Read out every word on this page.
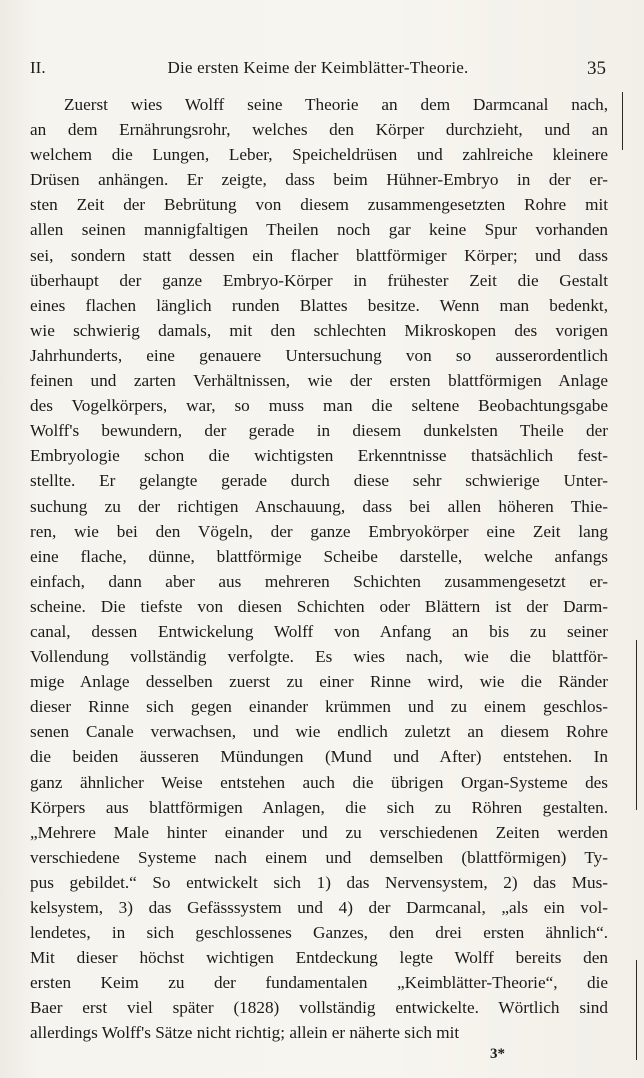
II.	Die ersten Keime der Keimblätter-Theorie.	35
Zuerst wies Wolff seine Theorie an dem Darmcanal nach,
an dem Ernährungsrohr, welches den Körper durchzieht, und an
welchem die Lungen, Leber, Speicheldrüsen und zahlreiche kleinere
Drüsen anhängen. Er zeigte, dass beim Hühner-Embryo in der er-
sten Zeit der Bebrütung von diesem zusammengesetzten Rohre mit
allen seinen mannigfaltigen Theilen noch gar keine Spur vorhanden
sei, sondern statt dessen ein flacher blattförmiger Körper; und dass
überhaupt der ganze Embryo-Körper in frühester Zeit die Gestalt
eines flachen länglich runden Blattes besitze. Wenn man bedenkt,
wie schwierig damals, mit den schlechten Mikroskopen des vorigen
Jahrhunderts, eine genauere Untersuchung von so ausserordentlich
feinen und zarten Verhältnissen, wie der ersten blattförmigen Anlage
des Vogelkörpers, war, so muss man die seltene Beobachtungsgabe
Wolff's bewundern, der gerade in diesem dunkelsten Theile der
Embryologie schon die wichtigsten Erkenntnisse thatsächlich fest-
stellte. Er gelangte gerade durch diese sehr schwierige Unter-
suchung zu der richtigen Anschauung, dass bei allen höheren Thie-
ren, wie bei den Vögeln, der ganze Embryokörper eine Zeit lang
eine flache, dünne, blattförmige Scheibe darstelle, welche anfangs
einfach, dann aber aus mehreren Schichten zusammengesetzt er-
scheine. Die tiefste von diesen Schichten oder Blättern ist der Darm-
canal, dessen Entwickelung Wolff von Anfang an bis zu seiner
Vollendung vollständig verfolgte. Es wies nach, wie die blattför-
mige Anlage desselben zuerst zu einer Rinne wird, wie die Ränder
dieser Rinne sich gegen einander krümmen und zu einem geschlos-
senen Canale verwachsen, und wie endlich zuletzt an diesem Rohre
die beiden äusseren Mündungen (Mund und After) entstehen. In
ganz ähnlicher Weise entstehen auch die übrigen Organ-Systeme des
Körpers aus blattförmigen Anlagen, die sich zu Röhren gestalten.
„Mehrere Male hinter einander und zu verschiedenen Zeiten werden
verschiedene Systeme nach einem und demselben (blattförmigen) Ty-
pus gebildet.“ So entwickelt sich 1) das Nervensystem, 2) das Mus-
kelsystem, 3) das Gefässsystem und 4) der Darmcanal, „als ein vol-
lendetes, in sich geschlossenes Ganzes, den drei ersten ähnlich“.
Mit dieser höchst wichtigen Entdeckung legte Wolff bereits den
ersten Keim zu der fundamentalen „Keimblätter-Theorie“, die
Baer erst viel später (1828) vollständig entwickelte. Wörtlich sind
allerdings Wolff's Sätze nicht richtig; allein er näherte sich mit
3*
